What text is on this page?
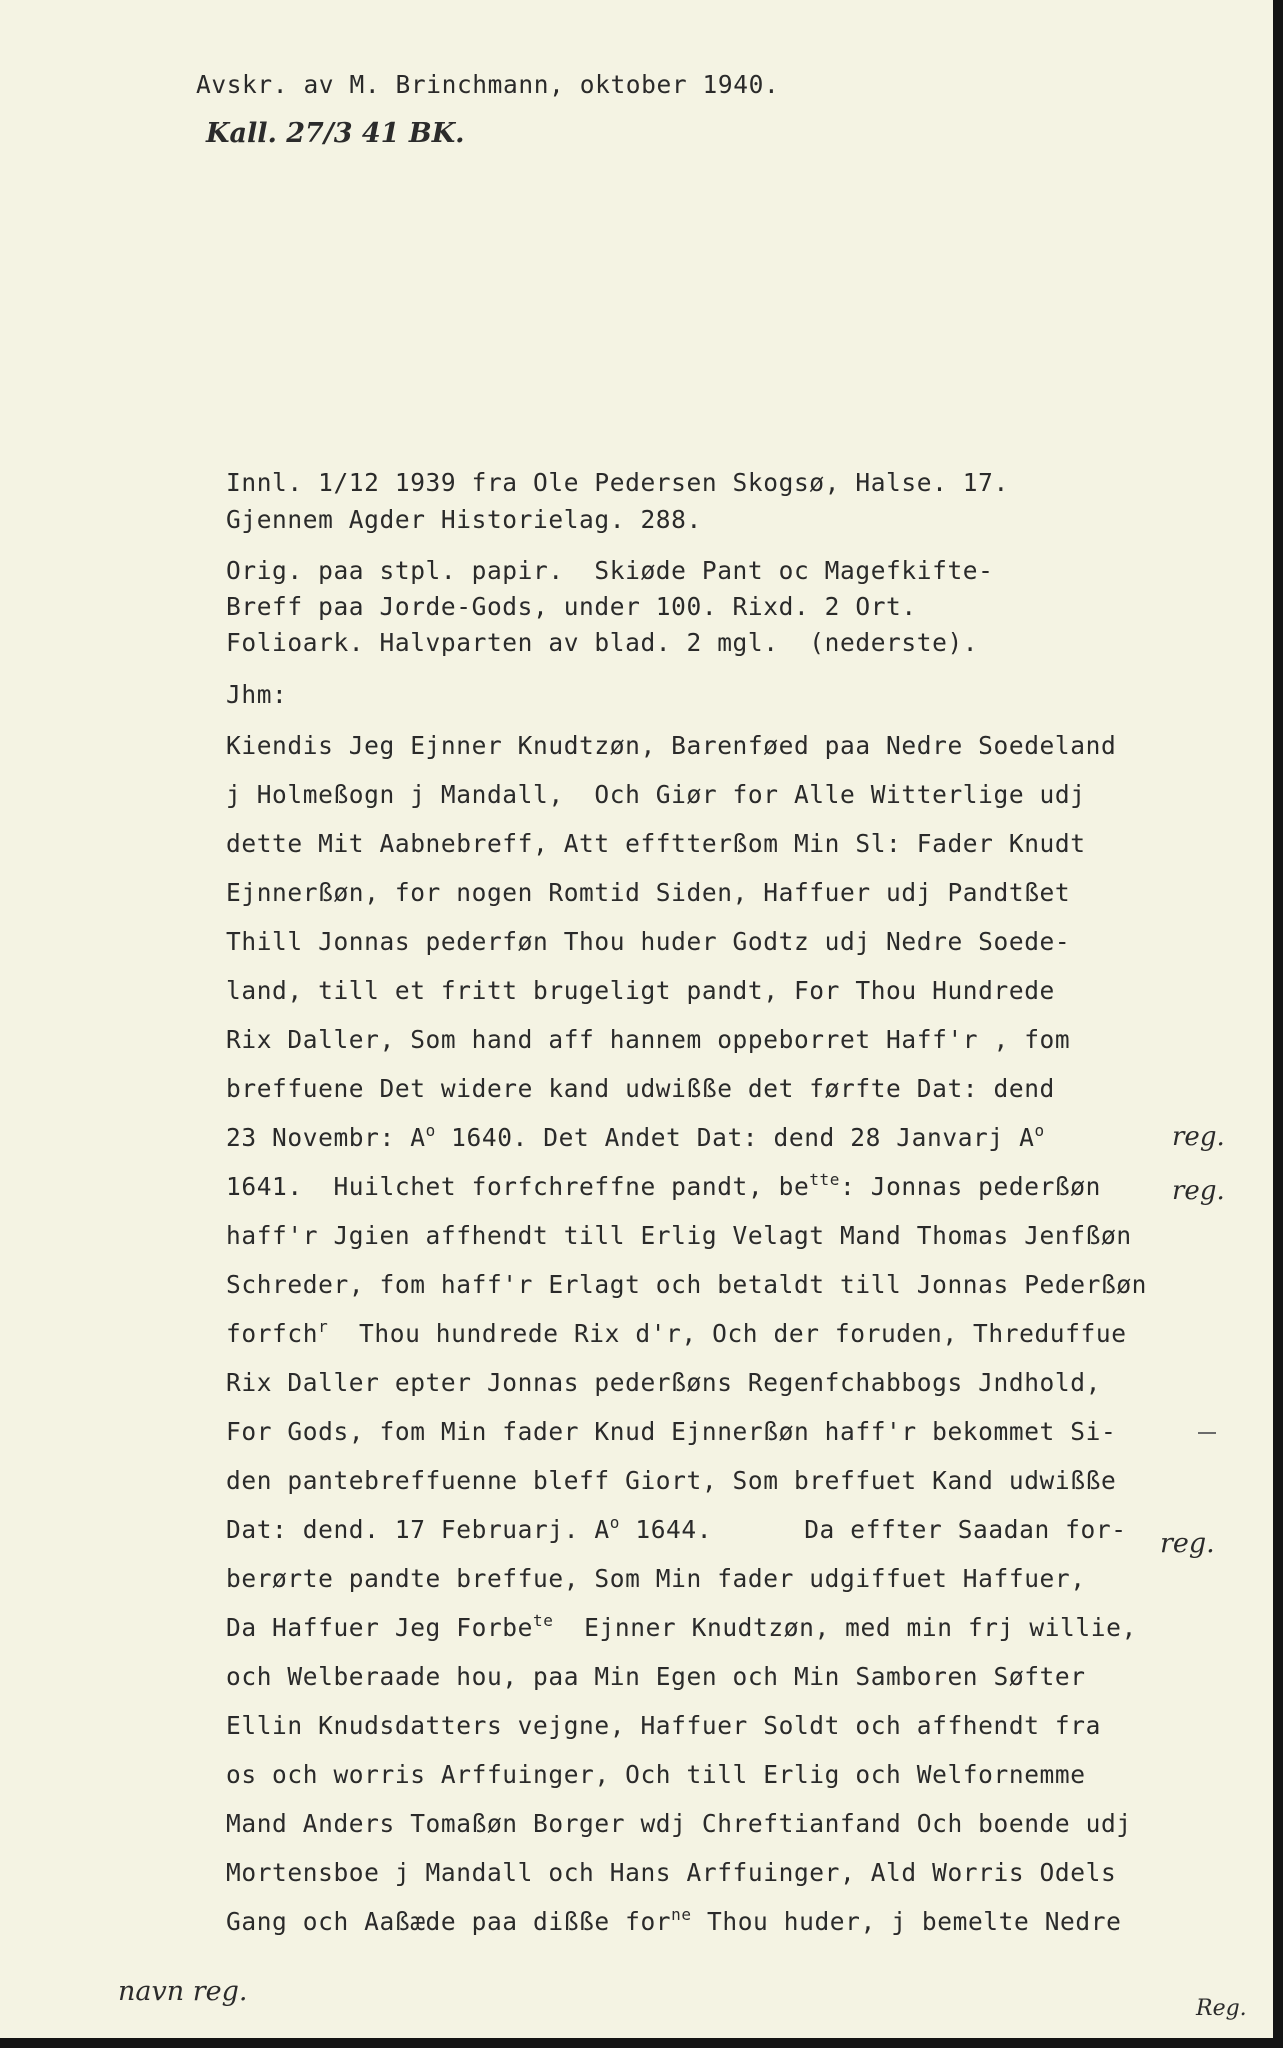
Avskr. av M. Brinchmann, oktober 1940.
Kall. 27/3 41 BK.
Innl. 1/12 1939 fra Ole Pedersen Skogsø, Halse. 17.
Gjennem Agder Historielag. 288.
Orig. paa stpl. papir.  Skiøde Pant oc Magefkifte-
Breff paa Jorde-Gods, under 100. Rixd. 2 Ort.
Folioark. Halvparten av blad. 2 mgl.  (nederste).
Jhm:
Kiendis Jeg Ejnner Knudtzøn, Barenføed paa Nedre Soedeland
j Holmeßogn j Mandall,  Och Giør for Alle Witterlige udj
dette Mit Aabnebreff, Att efftterßom Min Sl: Fader Knudt
Ejnnerßøn, for nogen Romtid Siden, Haffuer udj Pandtßet
Thill Jonnas pederføn Thou huder Godtz udj Nedre Soede-
land, till et fritt brugeligt pandt, For Thou Hundrede
Rix Daller, Som hand aff hannem oppeborret Haff'r , fom
breffuene Det widere kand udwißße det førfte Dat: dend
23 Novembr: $A^o$ 1640. Det Andet Dat: dend 28 Janvarj $A^o$
1641.  Huilchet forfchreffne pandt, $be^{tte}$: Jonnas pederßøn
haff'r Jgien affhendt till Erlig Velagt Mand Thomas Jenfßøn
Schreder, fom haff'r Erlagt och betaldt till Jonnas Pederßøn
forfch$^r$  Thou hundrede Rix d'r, Och der foruden, Threduffue
Rix Daller epter Jonnas pederßøns Regenfchabbogs Jndhold,
For Gods, fom Min fader Knud Ejnnerßøn haff'r bekommet Si-
den pantebreffuenne bleff Giort, Som breffuet Kand udwißße
Dat: dend. 17 Februarj. $A^o$ 1644.      Da effter Saadan for-
berørte pandte breffue, Som Min fader udgiffuet Haffuer,
Da Haffuer Jeg Forbe$^{te}$  Ejnner Knudtzøn, med min frj willie,
och Welberaade hou, paa Min Egen och Min Samboren Søfter
Ellin Knudsdatters vejgne, Haffuer Soldt och affhendt fra
os och worris Arffuinger, Och till Erlig och Welfornemme
Mand Anders Tomaßøn Borger wdj Chreftianfand Och boende udj
Mortensboe j Mandall och Hans Arffuinger, Ald Worris Odels
Gang och Aaßæde paa dißße for$^{ne}$ Thou huder, j bemelte Nedre
reg.
reg.
reg.
navn reg.
Reg.
